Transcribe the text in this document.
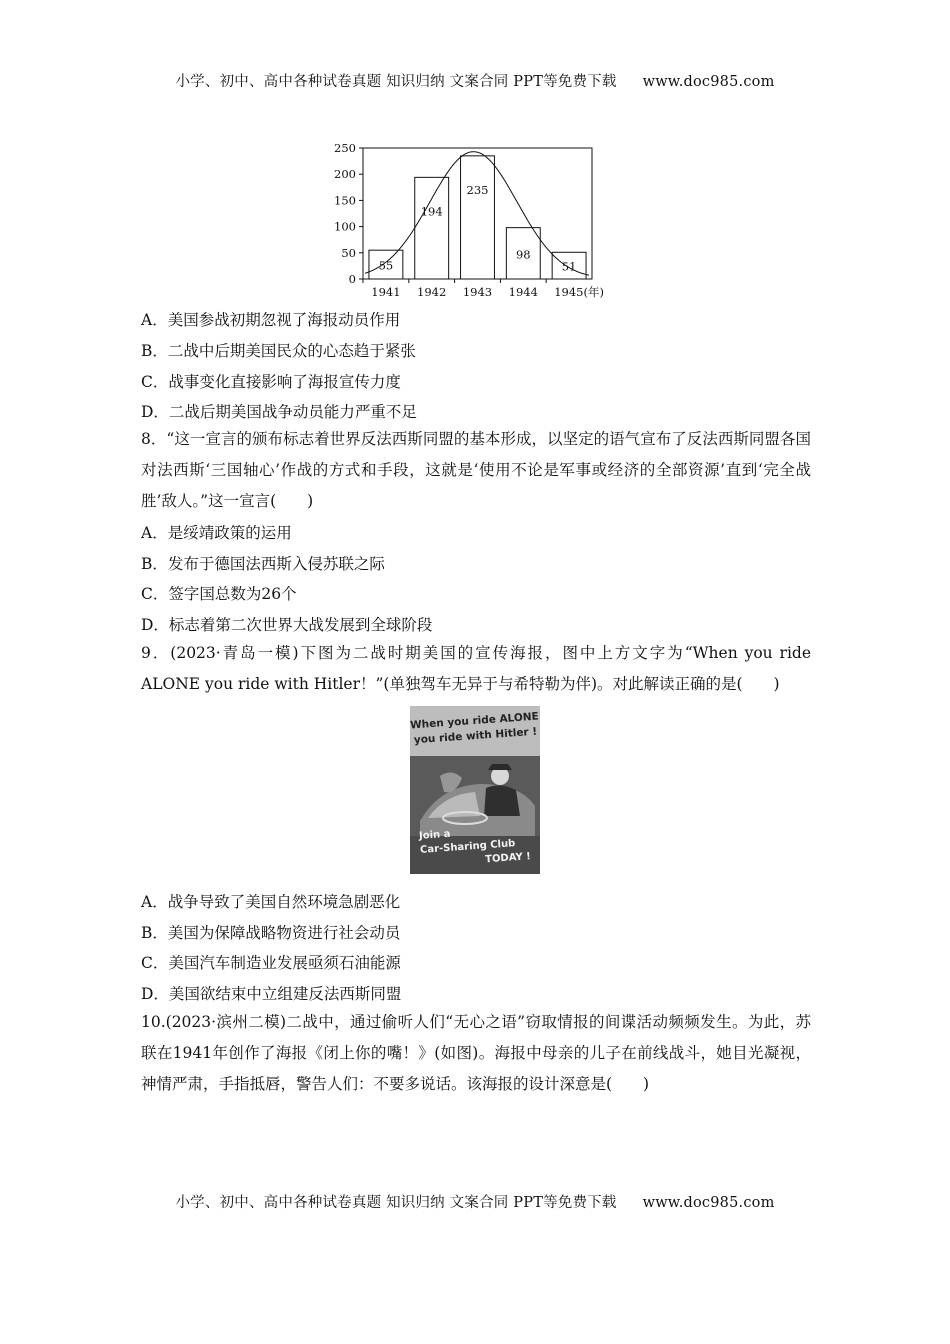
小学、初中、高中各种试卷真题 知识归纳 文案合同 PPT等免费下载 www.doc985.com
0
50
100
150
200
250
55
1941
194
1942
235
1943
98
1944
51
1945(年)
A．美国参战初期忽视了海报动员作用
B．二战中后期美国民众的心态趋于紧张
C．战事变化直接影响了海报宣传力度
D．二战后期美国战争动员能力严重不足
8．“这一宣言的颁布标志着世界反法西斯同盟的基本形成，以坚定的语气宣布了反法西斯同盟各国对法西斯‘三国轴心’作战的方式和手段，这就是‘使用不论是军事或经济的全部资源’直到‘完全战胜’敌人。”这一宣言(　　)
A．是绥靖政策的运用
B．发布于德国法西斯入侵苏联之际
C．签字国总数为26个
D．标志着第二次世界大战发展到全球阶段
9．(2023·青岛一模)下图为二战时期美国的宣传海报，图中上方文字为“When you ride ALONE you ride with Hitler！”(单独驾车无异于与希特勒为伴)。对此解读正确的是(　　)
When you ride ALONE
you ride with Hitler !
Join a
Car-Sharing Club
TODAY !
A．战争导致了美国自然环境急剧恶化
B．美国为保障战略物资进行社会动员
C．美国汽车制造业发展亟须石油能源
D．美国欲结束中立组建反法西斯同盟
10.(2023·滨州二模)二战中，通过偷听人们“无心之语”窃取情报的间谍活动频频发生。为此，苏联在1941年创作了海报《闭上你的嘴！》(如图)。海报中母亲的儿子在前线战斗，她目光凝视，神情严肃，手指抵唇，警告人们：不要多说话。该海报的设计深意是(　　)
小学、初中、高中各种试卷真题 知识归纳 文案合同 PPT等免费下载 www.doc985.com
